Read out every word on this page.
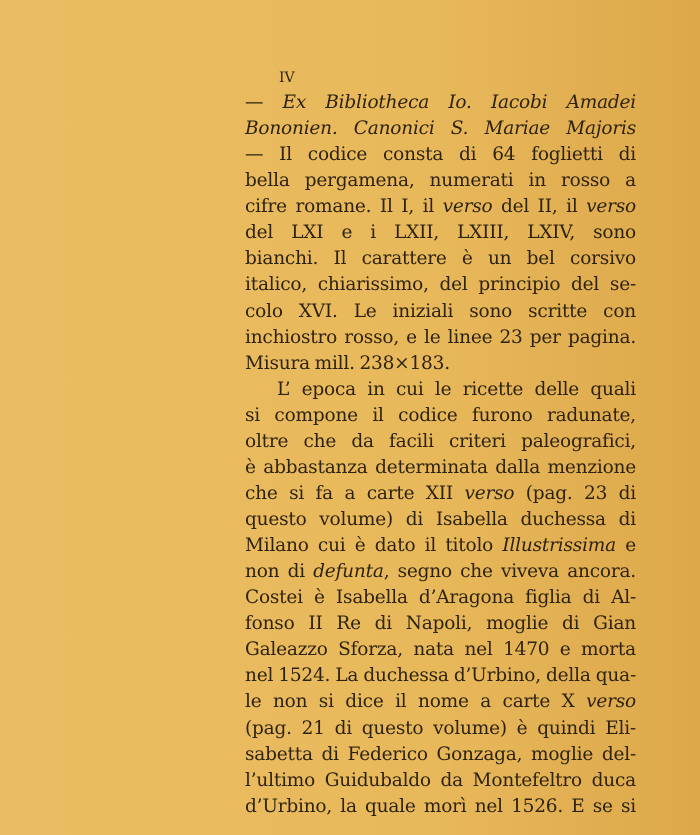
IV
— Ex Bibliotheca Io. Iacobi Amadei
Bononien. Canonici S. Mariae Majoris
— Il codice consta di 64 foglietti di
bella pergamena, numerati in rosso a
cifre romane. Il I, il verso del II, il verso
del LXI e i LXII, LXIII, LXIV, sono
bianchi. Il carattere è un bel corsivo
italico, chiarissimo, del principio del se-
colo XVI. Le iniziali sono scritte con
inchiostro rosso, e le linee 23 per pagina.
Misura mill. 238×183.
L’ epoca in cui le ricette delle quali
si compone il codice furono radunate,
oltre che da facili criteri paleografici,
è abbastanza determinata dalla menzione
che si fa a carte XII verso (pag. 23 di
questo volume) di Isabella duchessa di
Milano cui è dato il titolo Illustrissima e
non di defunta, segno che viveva ancora.
Costei è Isabella d’Aragona figlia di Al-
fonso II Re di Napoli, moglie di Gian
Galeazzo Sforza, nata nel 1470 e morta
nel 1524. La duchessa d’Urbino, della qua-
le non si dice il nome a carte X verso
(pag. 21 di questo volume) è quindi Eli-
sabetta di Federico Gonzaga, moglie del-
l’ultimo Guidubaldo da Montefeltro duca
d’Urbino, la quale morì nel 1526. E se si
